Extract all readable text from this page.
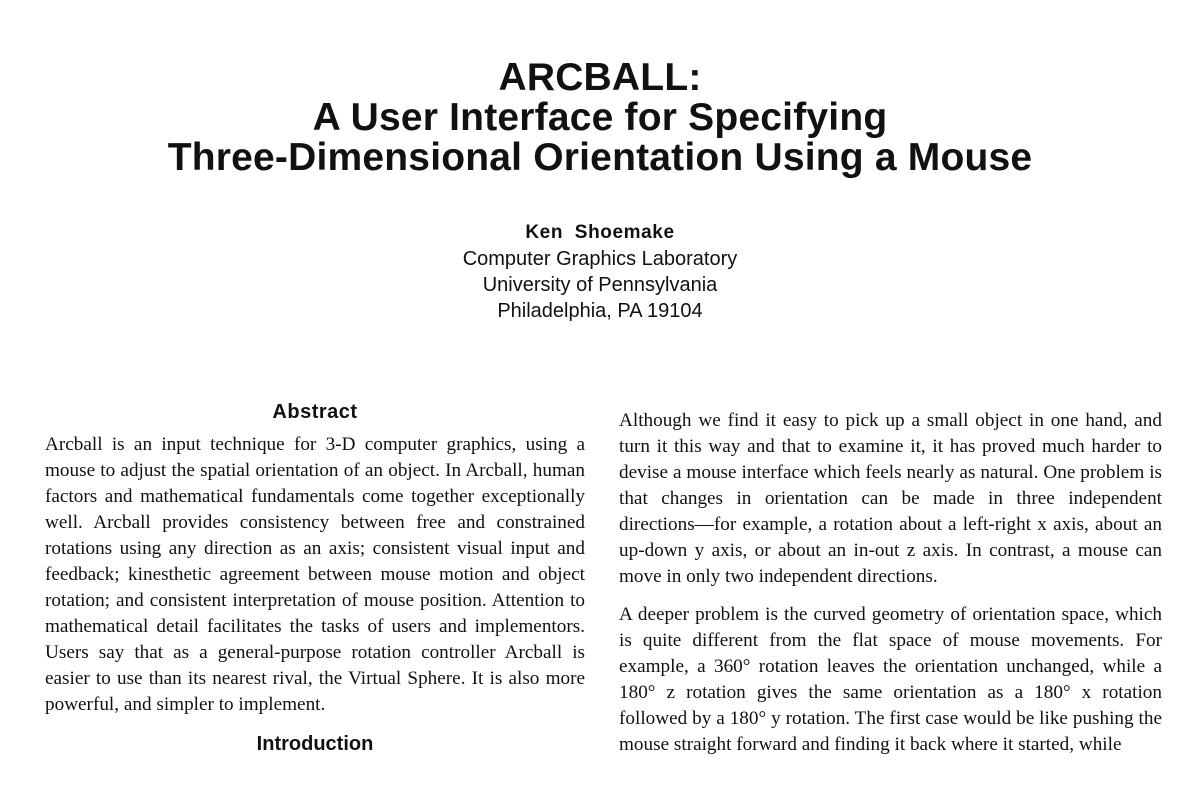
ARCBALL:
A User Interface for Specifying
Three-Dimensional Orientation Using a Mouse
Ken  Shoemake
Computer Graphics Laboratory
University of Pennsylvania
Philadelphia, PA 19104
Abstract

Arcball is an input technique for 3-D computer graphics, using a mouse to adjust the spatial orientation of an object. In Arcball, human factors and mathematical fundamentals come together exceptionally well. Arcball provides consistency between free and constrained rotations using any direction as an axis; consistent visual input and feedback; kinesthetic agreement between mouse motion and object rotation; and consistent interpretation of mouse position. Attention to mathematical detail facilitates the tasks of users and implementors. Users say that as a general-purpose rotation controller Arcball is easier to use than its nearest rival, the Virtual Sphere. It is also more powerful, and simpler to implement.

Introduction

Although we find it easy to pick up a small object in one hand, and turn it this way and that to examine it, it has proved much harder to devise a mouse interface which feels nearly as natural. One problem is that changes in orientation can be made in three independent directions—for example, a rotation about a left-right x axis, about an up-down y axis, or about an in-out z axis. In contrast, a mouse can move in only two independent directions.

A deeper problem is the curved geometry of orientation space, which is quite different from the flat space of mouse movements. For example, a 360° rotation leaves the orientation unchanged, while a 180° z rotation gives the same orientation as a 180° x rotation followed by a 180° y rotation. The first case would be like pushing the mouse straight forward and finding it back where it started, while
